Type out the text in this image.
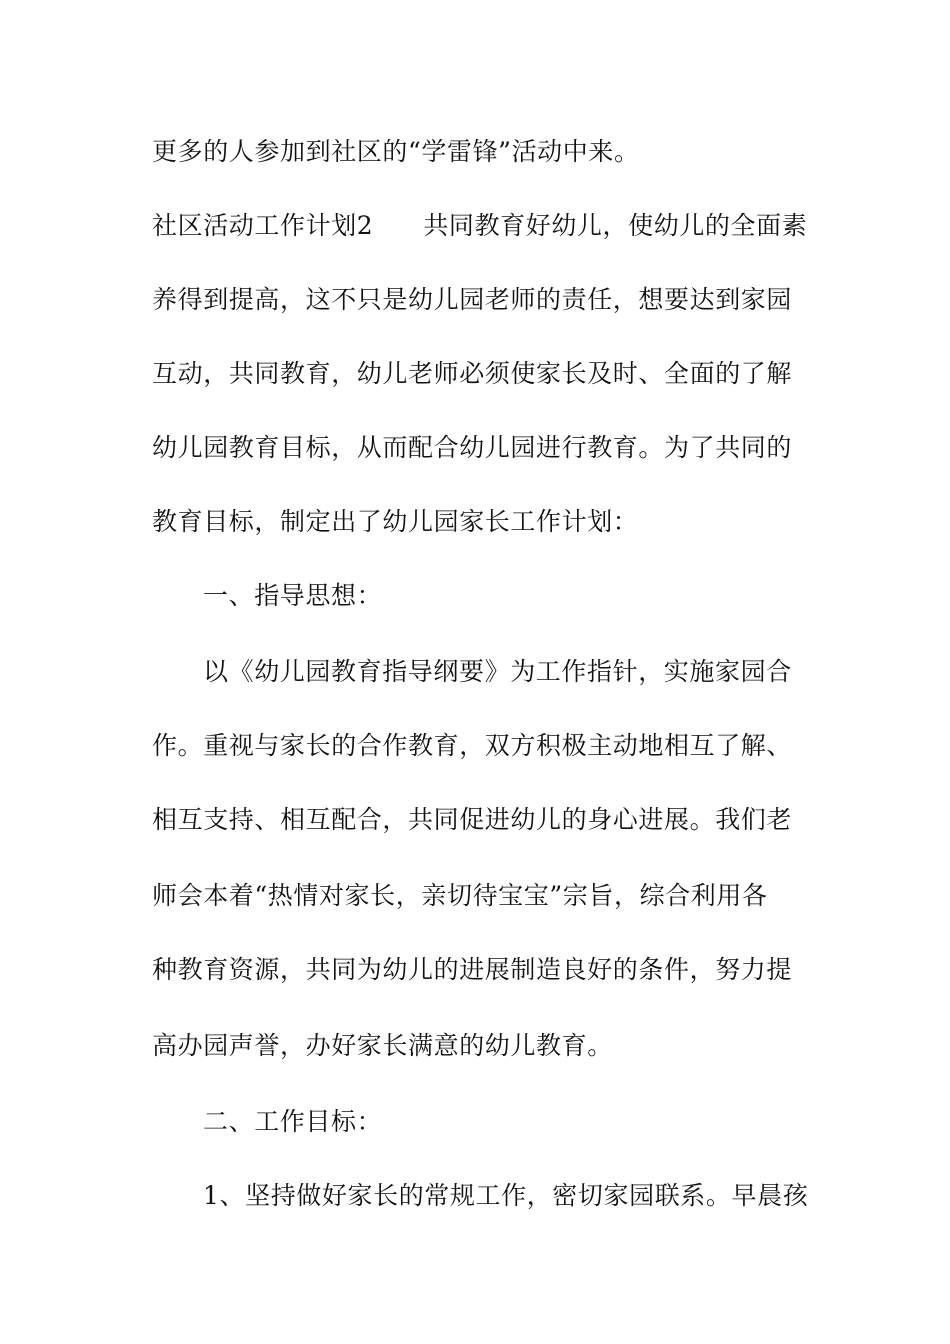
更多的人参加到社区的“学雷锋”活动中来。
社区活动工作计划2 共同教育好幼儿，使幼儿的全面素
养得到提高，这不只是幼儿园老师的责任，想要达到家园
互动，共同教育，幼儿老师必须使家长及时、全面的了解
幼儿园教育目标，从而配合幼儿园进行教育。为了共同的
教育目标，制定出了幼儿园家长工作计划：
一、指导思想：
以《幼儿园教育指导纲要》为工作指针，实施家园合
作。重视与家长的合作教育，双方积极主动地相互了解、
相互支持、相互配合，共同促进幼儿的身心进展。我们老
师会本着“热情对家长，亲切待宝宝”宗旨，综合利用各
种教育资源，共同为幼儿的进展制造良好的条件，努力提
高办园声誉，办好家长满意的幼儿教育。
二、工作目标：
1、坚持做好家长的常规工作，密切家园联系。早晨孩
